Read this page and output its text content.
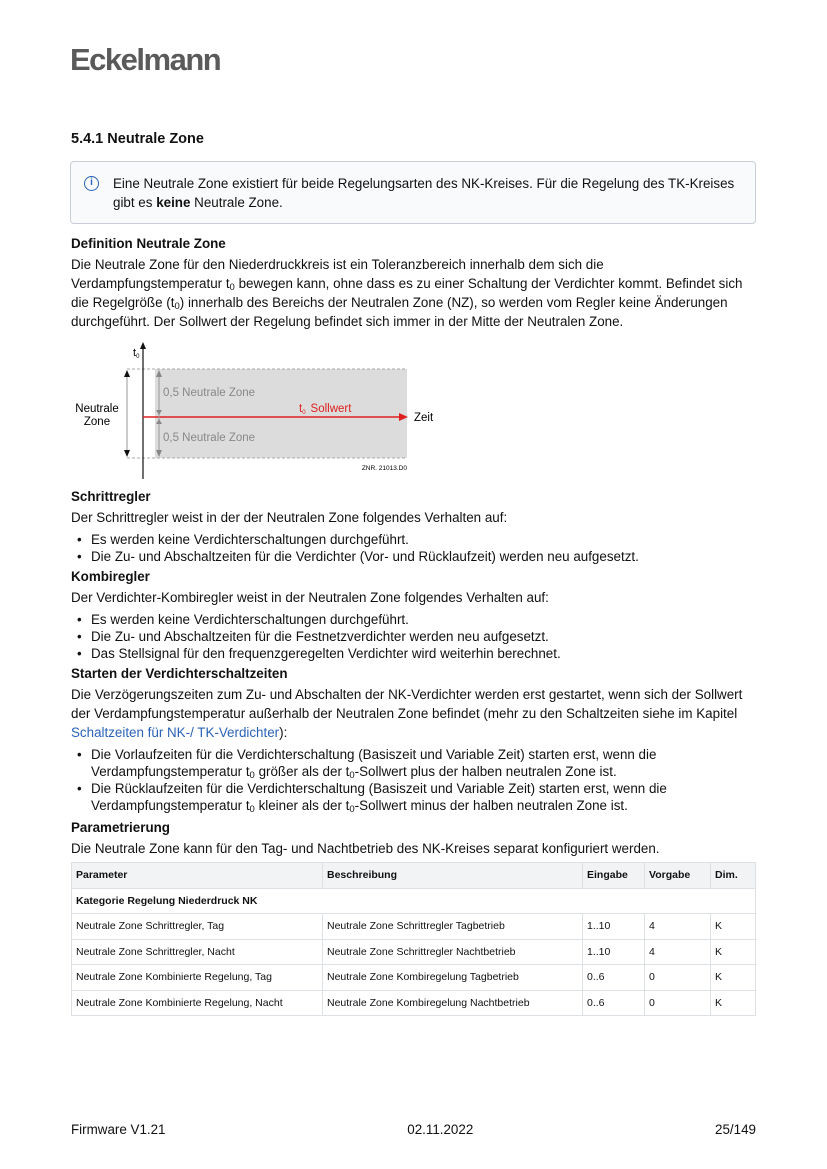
Eckelmann
5.4.1 Neutrale Zone
i	Eine Neutrale Zone existiert für beide Regelungsarten des NK-Kreises. Für die Regelung des TK-Kreises gibt es keine Neutrale Zone.
Definition Neutrale Zone

Die Neutrale Zone für den Niederdruckkreis ist ein Toleranzbereich innerhalb dem sich die Verdampfungstemperatur $t_0$ bewegen kann, ohne dass es zu einer Schaltung der Verdichter kommt. Befindet sich die Regelgröße $(t_0)$ innerhalb des Bereichs der Neutralen Zone (NZ), so werden vom Regler keine Änderungen durchgeführt. Der Sollwert der Regelung befindet sich immer in der Mitte der Neutralen Zone.

t0
Neutrale
Zone
0,5 Neutrale Zone
0,5 Neutrale Zone
t0 Sollwert
Zeit
ZNR. 21013.D0
Schrittregler

Der Schrittregler weist in der der Neutralen Zone folgendes Verhalten auf:

• Es werden keine Verdichterschaltungen durchgeführt.
• Die Zu- und Abschaltzeiten für die Verdichter (Vor- und Rücklaufzeit) werden neu aufgesetzt.
Kombiregler

Der Verdichter-Kombiregler weist in der Neutralen Zone folgendes Verhalten auf:

• Es werden keine Verdichterschaltungen durchgeführt.
• Die Zu- und Abschaltzeiten für die Festnetzverdichter werden neu aufgesetzt.
• Das Stellsignal für den frequenzgeregelten Verdichter wird weiterhin berechnet.
Starten der Verdichterschaltzeiten

Die Verzögerungszeiten zum Zu- und Abschalten der NK-Verdichter werden erst gestartet, wenn sich der Sollwert der Verdampfungstemperatur außerhalb der Neutralen Zone befindet (mehr zu den Schaltzeiten siehe im Kapitel Schaltzeiten für NK-/ TK-Verdichter):

• Die Vorlaufzeiten für die Verdichterschaltung (Basiszeit und Variable Zeit) starten erst, wenn die Verdampfungstemperatur $t_0$ größer als der $t_0$-Sollwert plus der halben neutralen Zone ist.
• Die Rücklaufzeiten für die Verdichterschaltung (Basiszeit und Variable Zeit) starten erst, wenn die Verdampfungstemperatur $t_0$ kleiner als der $t_0$-Sollwert minus der halben neutralen Zone ist.
Parametrierung

Die Neutrale Zone kann für den Tag- und Nachtbetrieb des NK-Kreises separat konfiguriert werden.

Parameter	Beschreibung	Eingabe	Vorgabe	Dim.
Kategorie Regelung Niederdruck NK				
Neutrale Zone Schrittregler, Tag	Neutrale Zone Schrittregler Tagbetrieb	1..10	4	K
Neutrale Zone Schrittregler, Nacht	Neutrale Zone Schrittregler Nachtbetrieb	1..10	4	K
Neutrale Zone Kombinierte Regelung, Tag	Neutrale Zone Kombiregelung Tagbetrieb	0..6	0	K
Neutrale Zone Kombinierte Regelung, Nacht	Neutrale Zone Kombiregelung Nachtbetrieb	0..6	0	K
Firmware V1.21	02.11.2022	25/149
